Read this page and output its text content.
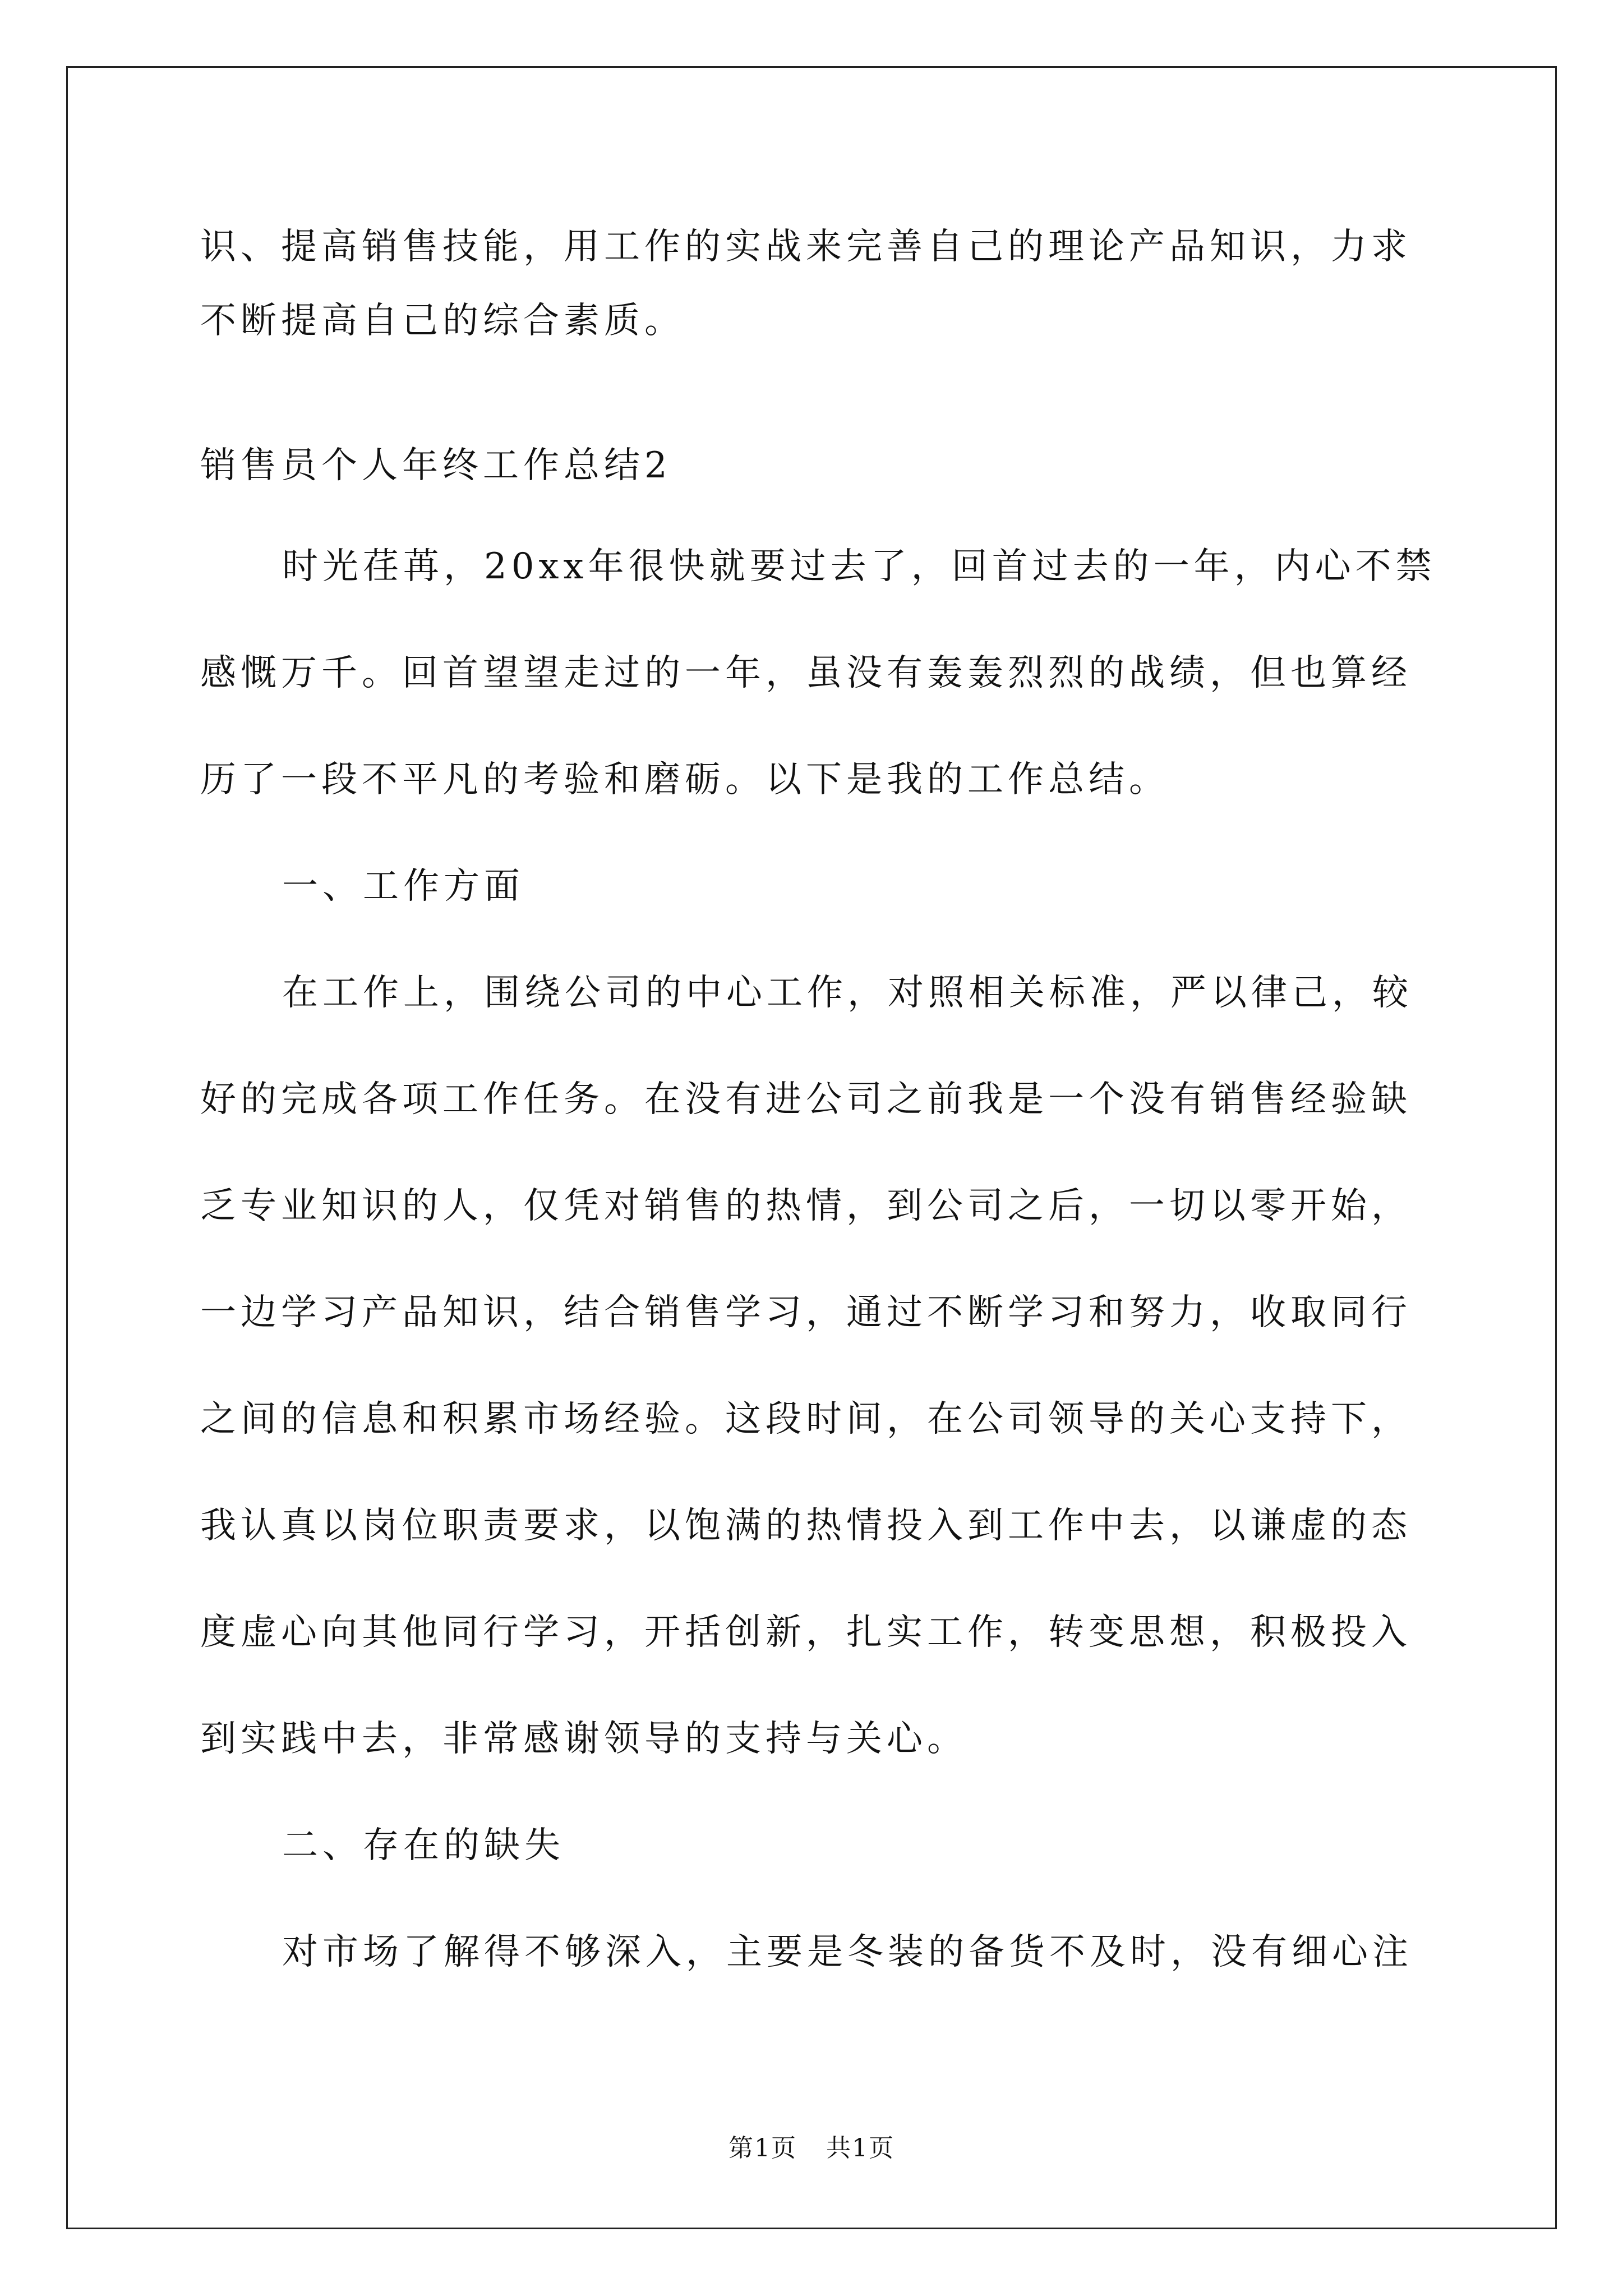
识、提高销售技能，用工作的实战来完善自己的理论产品知识，力求
不断提高自己的综合素质。
销售员个人年终工作总结2
时光荏苒，20xx年很快就要过去了，回首过去的一年，内心不禁
感慨万千。回首望望走过的一年，虽没有轰轰烈烈的战绩，但也算经
历了一段不平凡的考验和磨砺。以下是我的工作总结。
一、工作方面
在工作上，围绕公司的中心工作，对照相关标准，严以律己，较
好的完成各项工作任务。在没有进公司之前我是一个没有销售经验缺
乏专业知识的人，仅凭对销售的热情，到公司之后，一切以零开始，
一边学习产品知识，结合销售学习，通过不断学习和努力，收取同行
之间的信息和积累市场经验。这段时间，在公司领导的关心支持下，
我认真以岗位职责要求，以饱满的热情投入到工作中去，以谦虚的态
度虚心向其他同行学习，开括创新，扎实工作，转变思想，积极投入
到实践中去，非常感谢领导的支持与关心。
二、存在的缺失
对市场了解得不够深入，主要是冬装的备货不及时，没有细心注
第1页 共1页
